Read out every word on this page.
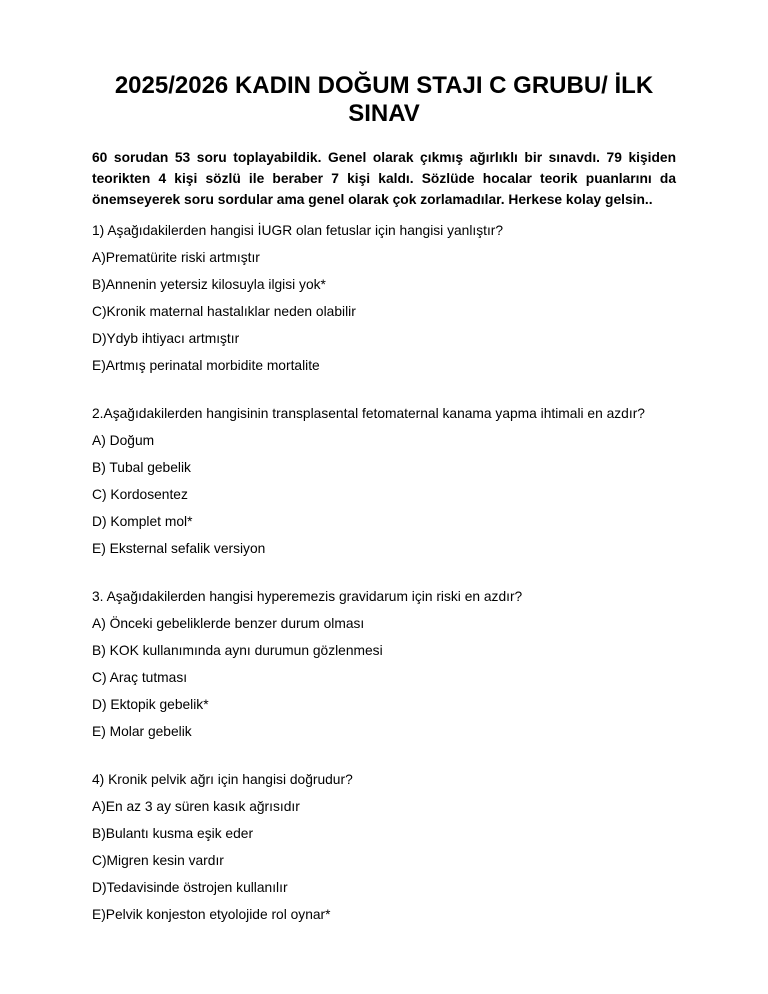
2025/2026 KADIN DOĞUM STAJI C GRUBU/ İLK SINAV

60 sorudan 53 soru toplayabildik. Genel olarak çıkmış ağırlıklı bir sınavdı. 79 kişiden teorikten 4 kişi sözlü ile beraber 7 kişi kaldı. Sözlüde hocalar teorik puanlarını da önemseyerek soru sordular ama genel olarak çok zorlamadılar. Herkese kolay gelsin..

1) Aşağıdakilerden hangisi İUGR olan fetuslar için hangisi yanlıştır?

A)Prematürite riski artmıştır

B)Annenin yetersiz kilosuyla ilgisi yok*

C)Kronik maternal hastalıklar neden olabilir

D)Ydyb ihtiyacı artmıştır

E)Artmış perinatal morbidite mortalite

2.Aşağıdakilerden hangisinin transplasental fetomaternal kanama yapma ihtimali en azdır?

A) Doğum

B) Tubal gebelik

C) Kordosentez

D) Komplet mol*

E) Eksternal sefalik versiyon

3. Aşağıdakilerden hangisi hyperemezis gravidarum için riski en azdır?

A) Önceki gebeliklerde benzer durum olması

B) KOK kullanımında aynı durumun gözlenmesi

C) Araç tutması

D) Ektopik gebelik*

E) Molar gebelik

4) Kronik pelvik ağrı için hangisi doğrudur?

A)En az 3 ay süren kasık ağrısıdır

B)Bulantı kusma eşik eder

C)Migren kesin vardır

D)Tedavisinde östrojen kullanılır

E)Pelvik konjeston etyolojide rol oynar*
